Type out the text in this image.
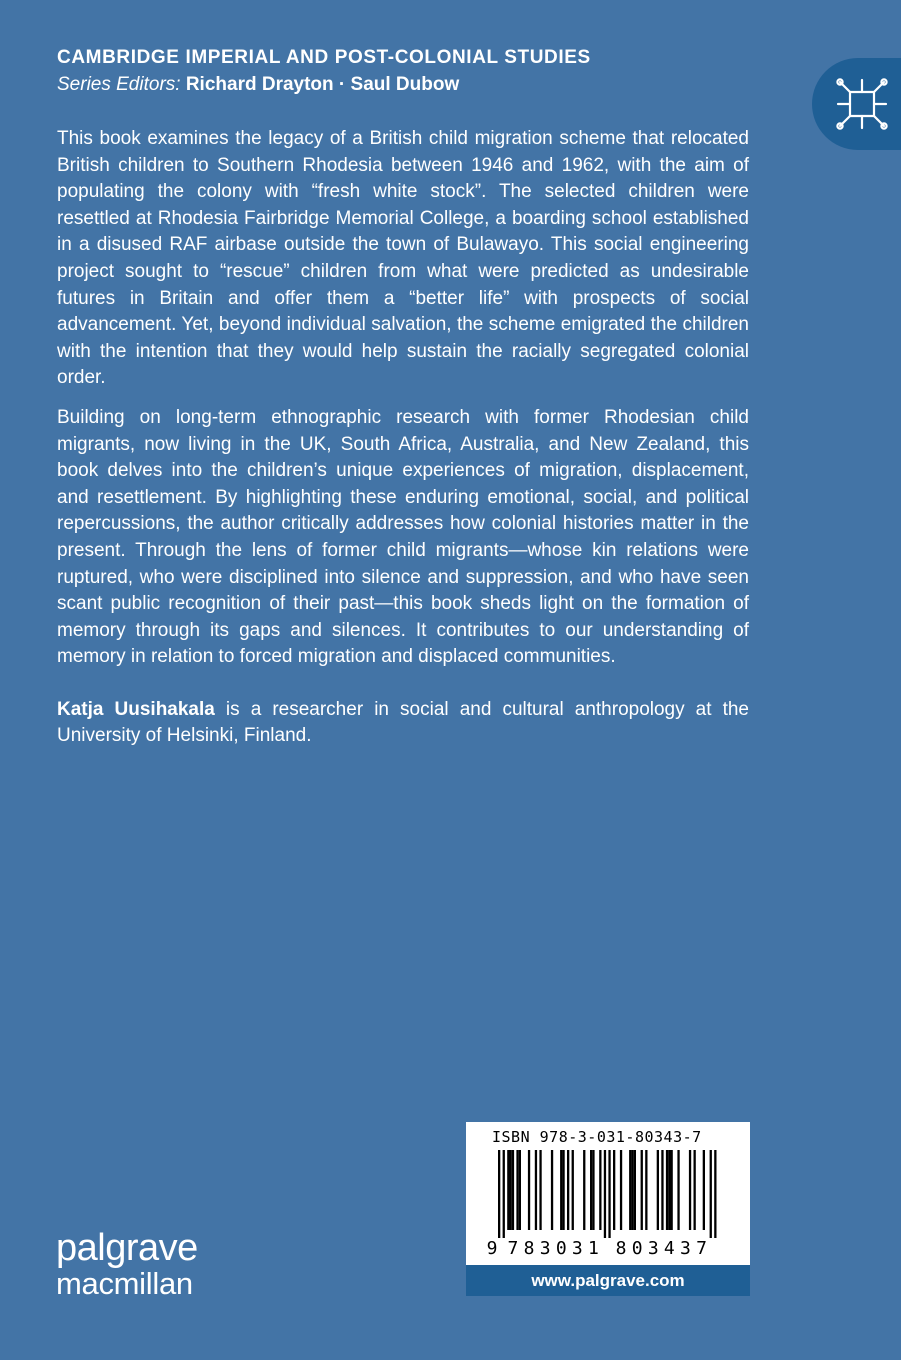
CAMBRIDGE IMPERIAL AND POST-COLONIAL STUDIES
Series Editors: Richard Drayton · Saul Dubow

This book examines the legacy of a British child migration scheme that relocated British children to Southern Rhodesia between 1946 and 1962, with the aim of populating the colony with “fresh white stock”. The selected children were resettled at Rhodesia Fairbridge Memorial College, a boarding school established in a disused RAF airbase outside the town of Bulawayo. This social engineering project sought to “rescue” children from what were predicted as undesirable futures in Britain and offer them a “better life” with prospects of social advancement. Yet, beyond individual salvation, the scheme emigrated the children with the intention that they would help sustain the racially segregated colonial order.

Building on long-term ethnographic research with former Rhodesian child migrants, now living in the UK, South Africa, Australia, and New Zealand, this book delves into the children’s unique experiences of migration, displacement, and resettlement. By highlighting these enduring emotional, social, and political repercussions, the author critically addresses how colonial histories matter in the present. Through the lens of former child migrants—whose kin relations were ruptured, who were disciplined into silence and suppression, and who have seen scant public recognition of their past—this book sheds light on the formation of memory through its gaps and silences. It contributes to our understanding of memory in relation to forced migration and displaced communities.

Katja Uusihakala is a researcher in social and cultural anthropology at the University of Helsinki, Finland.

palgrave
macmillan
ISBN 978-3-031-80343-7
9 7 8 3 0 3 1 8 0 3 4 3 7
www.palgrave.com
